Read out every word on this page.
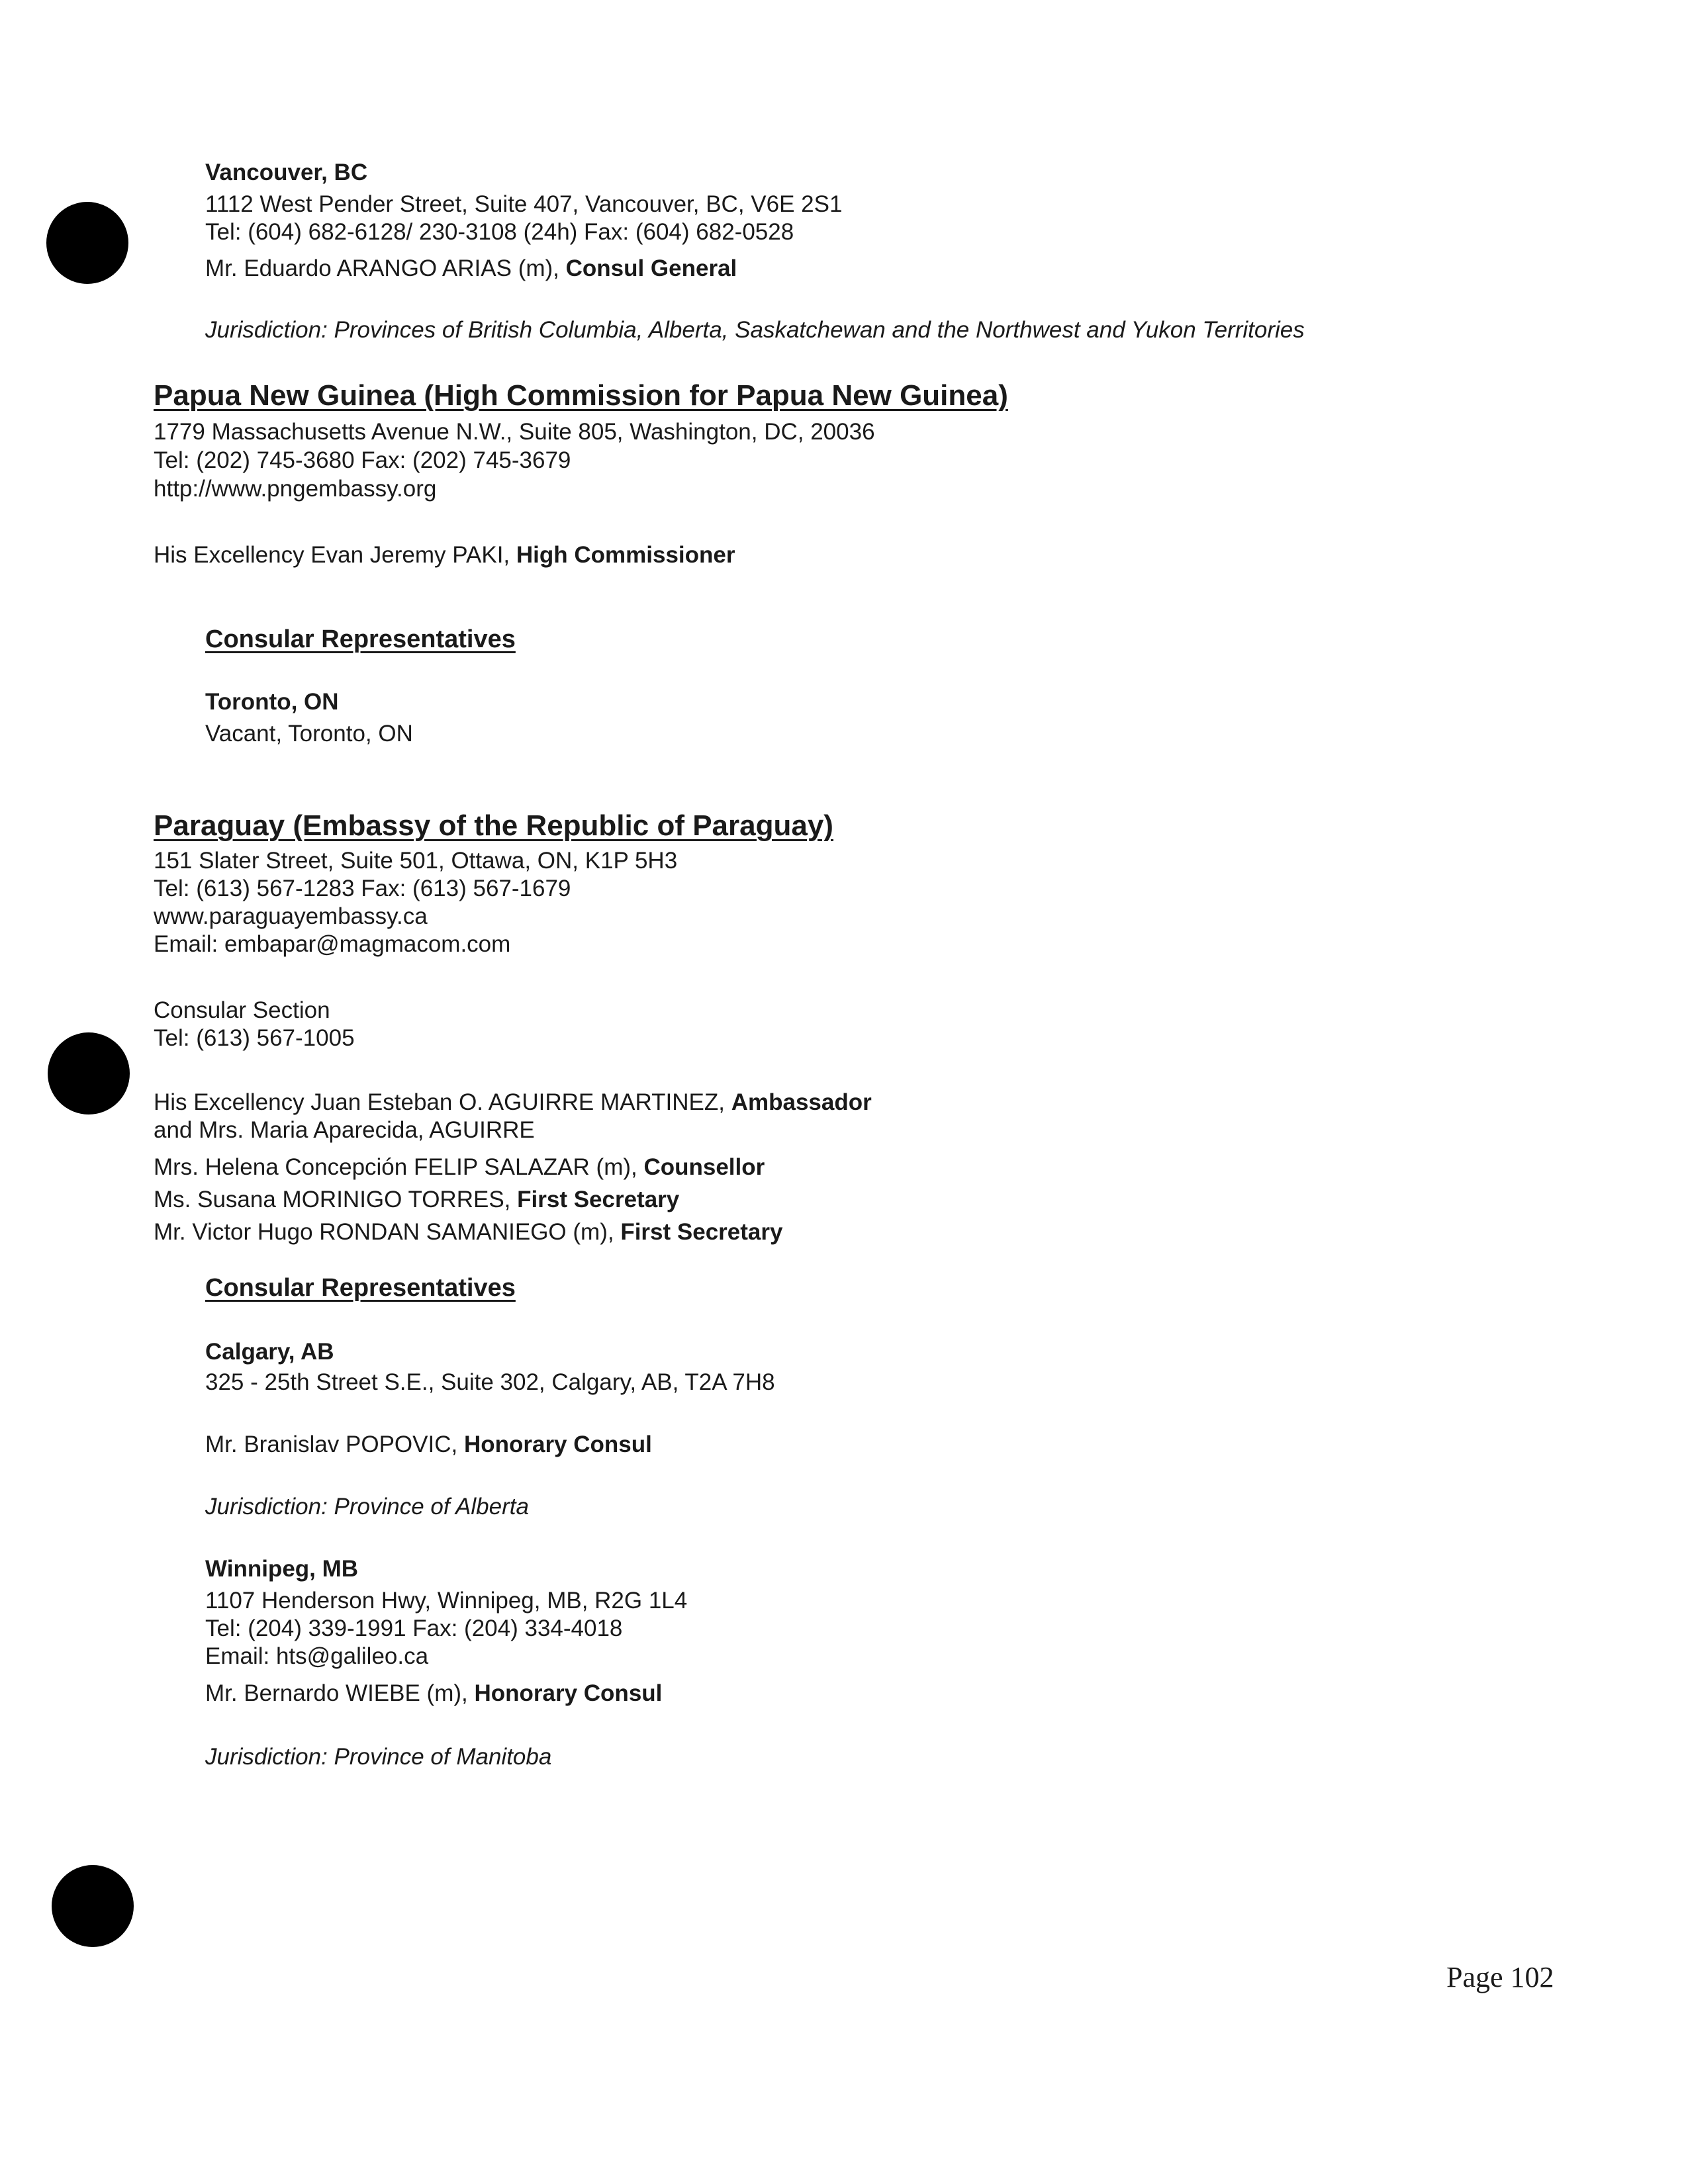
Vancouver, BC
1112 West Pender Street, Suite 407, Vancouver, BC, V6E 2S1
Tel: (604) 682-6128/ 230-3108 (24h) Fax: (604) 682-0528
Mr. Eduardo ARANGO ARIAS (m), Consul General
Jurisdiction: Provinces of British Columbia, Alberta, Saskatchewan and the Northwest and Yukon Territories
Papua New Guinea (High Commission for Papua New Guinea)
1779 Massachusetts Avenue N.W., Suite 805, Washington, DC, 20036
Tel: (202) 745-3680 Fax: (202) 745-3679
http://www.pngembassy.org
His Excellency Evan Jeremy PAKI, High Commissioner
Consular Representatives
Toronto, ON
Vacant, Toronto, ON
Paraguay (Embassy of the Republic of Paraguay)
151 Slater Street, Suite 501, Ottawa, ON, K1P 5H3
Tel: (613) 567-1283 Fax: (613) 567-1679
www.paraguayembassy.ca
Email: embapar@magmacom.com
Consular Section
Tel: (613) 567-1005
His Excellency Juan Esteban O. AGUIRRE MARTINEZ, Ambassador
and Mrs. Maria Aparecida, AGUIRRE
Mrs. Helena Concepción FELIP SALAZAR (m), Counsellor
Ms. Susana MORINIGO TORRES, First Secretary
Mr. Victor Hugo RONDAN SAMANIEGO (m), First Secretary
Consular Representatives
Calgary, AB
325 - 25th Street S.E., Suite 302, Calgary, AB, T2A 7H8
Mr. Branislav POPOVIC, Honorary Consul
Jurisdiction: Province of Alberta
Winnipeg, MB
1107 Henderson Hwy, Winnipeg, MB, R2G 1L4
Tel: (204) 339-1991 Fax: (204) 334-4018
Email: hts@galileo.ca
Mr. Bernardo WIEBE (m), Honorary Consul
Jurisdiction: Province of Manitoba
Page 102
